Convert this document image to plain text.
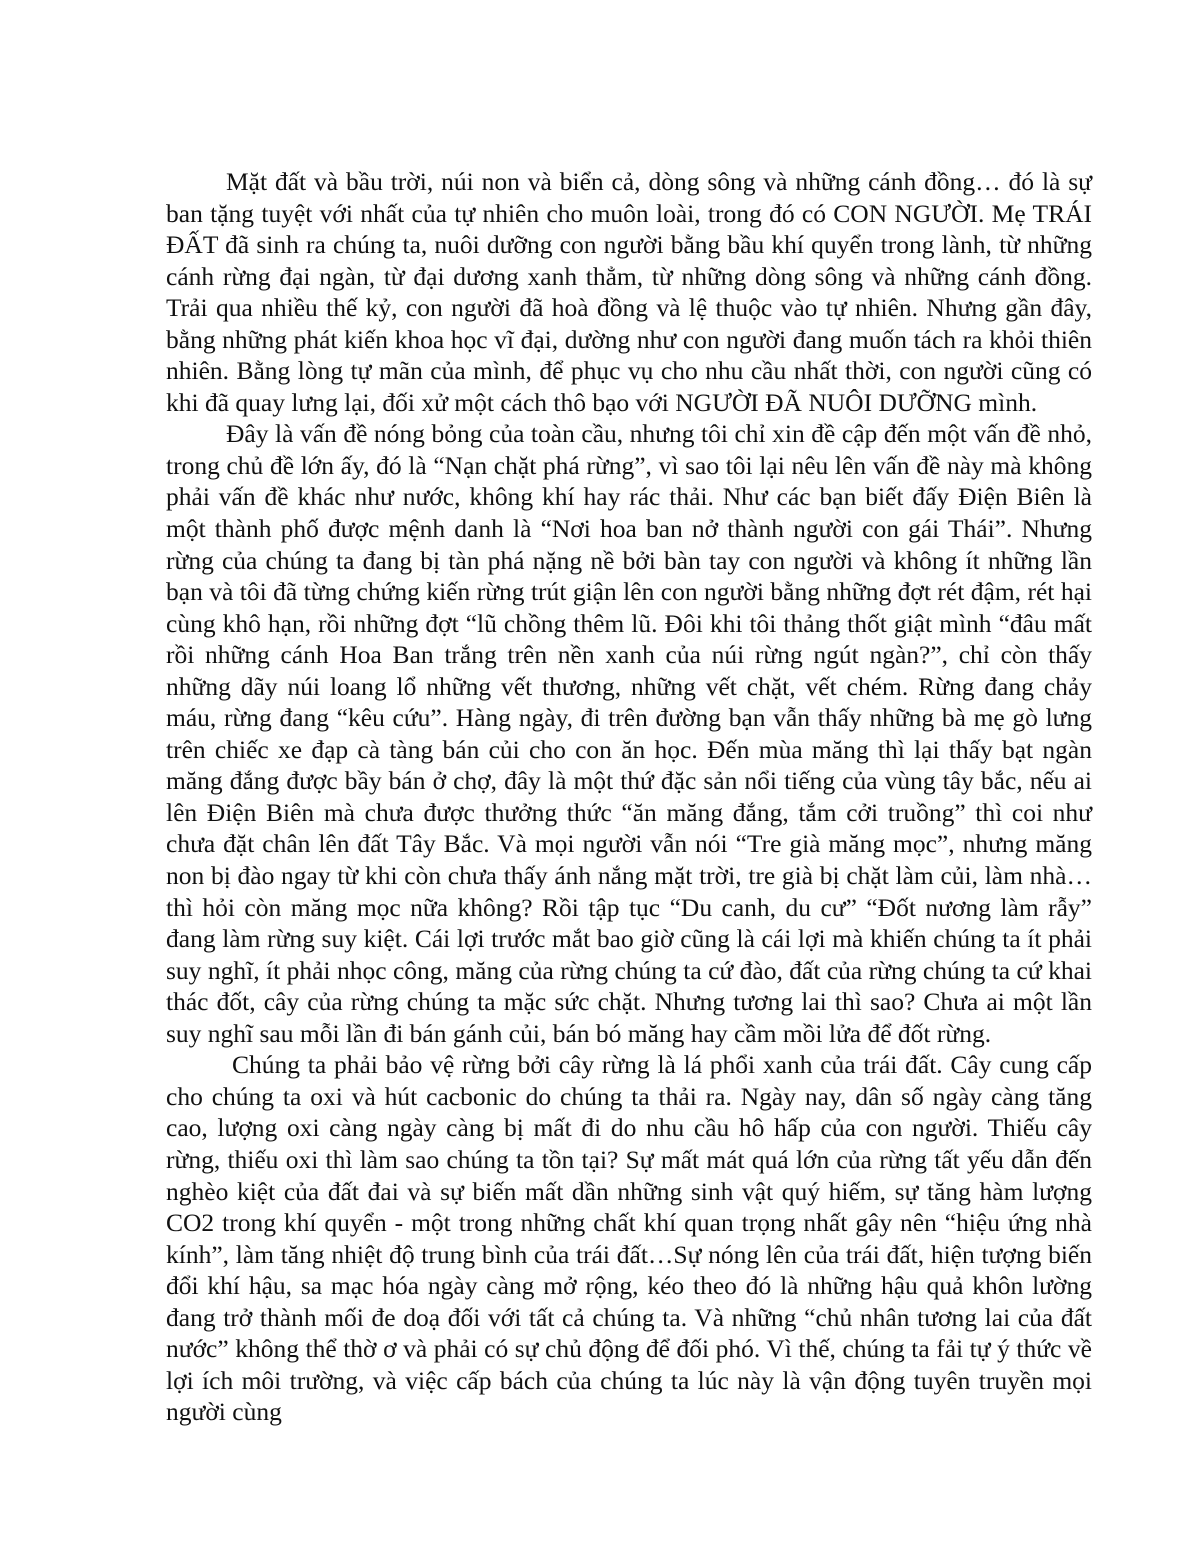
Mặt đất và bầu trời, núi non và biển cả, dòng sông và những cánh đồng… đó là sự ban tặng tuyệt với nhất của tự nhiên cho muôn loài, trong đó có CON NGƯỜI. Mẹ TRÁI ĐẤT đã sinh ra chúng ta, nuôi dưỡng con người bằng bầu khí quyển trong lành, từ những cánh rừng đại ngàn, từ đại dương xanh thẳm, từ những dòng sông và những cánh đồng. Trải qua nhiều thế kỷ, con người đã hoà đồng và lệ thuộc vào tự nhiên. Nhưng gần đây, bằng những phát kiến khoa học vĩ đại, dường như con người đang muốn tách ra khỏi thiên nhiên. Bằng lòng tự mãn của mình, để phục vụ cho nhu cầu nhất thời, con người cũng có khi đã quay lưng lại, đối xử một cách thô bạo với NGƯỜI ĐÃ NUÔI DƯỠNG mình.

Đây là vấn đề nóng bỏng của toàn cầu, nhưng tôi chỉ xin đề cập đến một vấn đề nhỏ, trong chủ đề lớn ấy, đó là “Nạn chặt phá rừng”, vì sao tôi lại nêu lên vấn đề này mà không phải vấn đề khác như nước, không khí hay rác thải. Như các bạn biết đấy Điện Biên là một thành phố được mệnh danh là “Nơi hoa ban nở thành người con gái Thái”. Nhưng rừng của chúng ta đang bị tàn phá nặng nề bởi bàn tay con người và không ít những lần bạn và tôi đã từng chứng kiến rừng trút giận lên con người bằng những đợt rét đậm, rét hại cùng khô hạn, rồi những đợt “lũ chồng thêm lũ. Đôi khi tôi thảng thốt giật mình “đâu mất rồi những cánh Hoa Ban trắng trên nền xanh của núi rừng ngút ngàn?”, chỉ còn thấy những dãy núi loang lổ những vết thương, những vết chặt, vết chém. Rừng đang chảy máu, rừng đang “kêu cứu”. Hàng ngày, đi trên đường bạn vẫn thấy những bà mẹ gò lưng trên chiếc xe đạp cà tàng bán củi cho con ăn học. Đến mùa măng thì lại thấy bạt ngàn măng đắng được bầy bán ở chợ, đây là một thứ đặc sản nổi tiếng của vùng tây bắc, nếu ai lên Điện Biên mà chưa được thưởng thức “ăn măng đắng, tắm cởi truồng” thì coi như chưa đặt chân lên đất Tây Bắc. Và mọi người vẫn nói “Tre già măng mọc”, nhưng măng non bị đào ngay từ khi còn chưa thấy ánh nắng mặt trời, tre già bị chặt làm củi, làm nhà…thì hỏi còn măng mọc nữa không? Rồi tập tục “Du canh, du cư” “Đốt nương làm rẫy” đang làm rừng suy kiệt. Cái lợi trước mắt bao giờ cũng là cái lợi mà khiến chúng ta ít phải suy nghĩ, ít phải nhọc công, măng của rừng chúng ta cứ đào, đất của rừng chúng ta cứ khai thác đốt, cây của rừng chúng ta mặc sức chặt. Nhưng tương lai thì sao? Chưa ai một lần suy nghĩ sau mỗi lần đi bán gánh củi, bán bó măng hay cầm mồi lửa để đốt rừng.

Chúng ta phải bảo vệ rừng bởi cây rừng là lá phổi xanh của trái đất. Cây cung cấp cho chúng ta oxi và hút cacbonic do chúng ta thải ra. Ngày nay, dân số ngày càng tăng cao, lượng oxi càng ngày càng bị mất đi do nhu cầu hô hấp của con người. Thiếu cây rừng, thiếu oxi thì làm sao chúng ta tồn tại? Sự mất mát quá lớn của rừng tất yếu dẫn đến nghèo kiệt của đất đai và sự biến mất dần những sinh vật quý hiếm, sự tăng hàm lượng CO2 trong khí quyển - một trong những chất khí quan trọng nhất gây nên “hiệu ứng nhà kính”, làm tăng nhiệt độ trung bình của trái đất…Sự nóng lên của trái đất, hiện tượng biến đổi khí hậu, sa mạc hóa ngày càng mở rộng, kéo theo đó là những hậu quả khôn lường đang trở thành mối đe doạ đối với tất cả chúng ta. Và những “chủ nhân tương lai của đất nước” không thể thờ ơ và phải có sự chủ động để đối phó. Vì thế, chúng ta fải tự ý thức về lợi ích môi trường, và việc cấp bách của chúng ta lúc này là vận động tuyên truyền mọi người cùng
